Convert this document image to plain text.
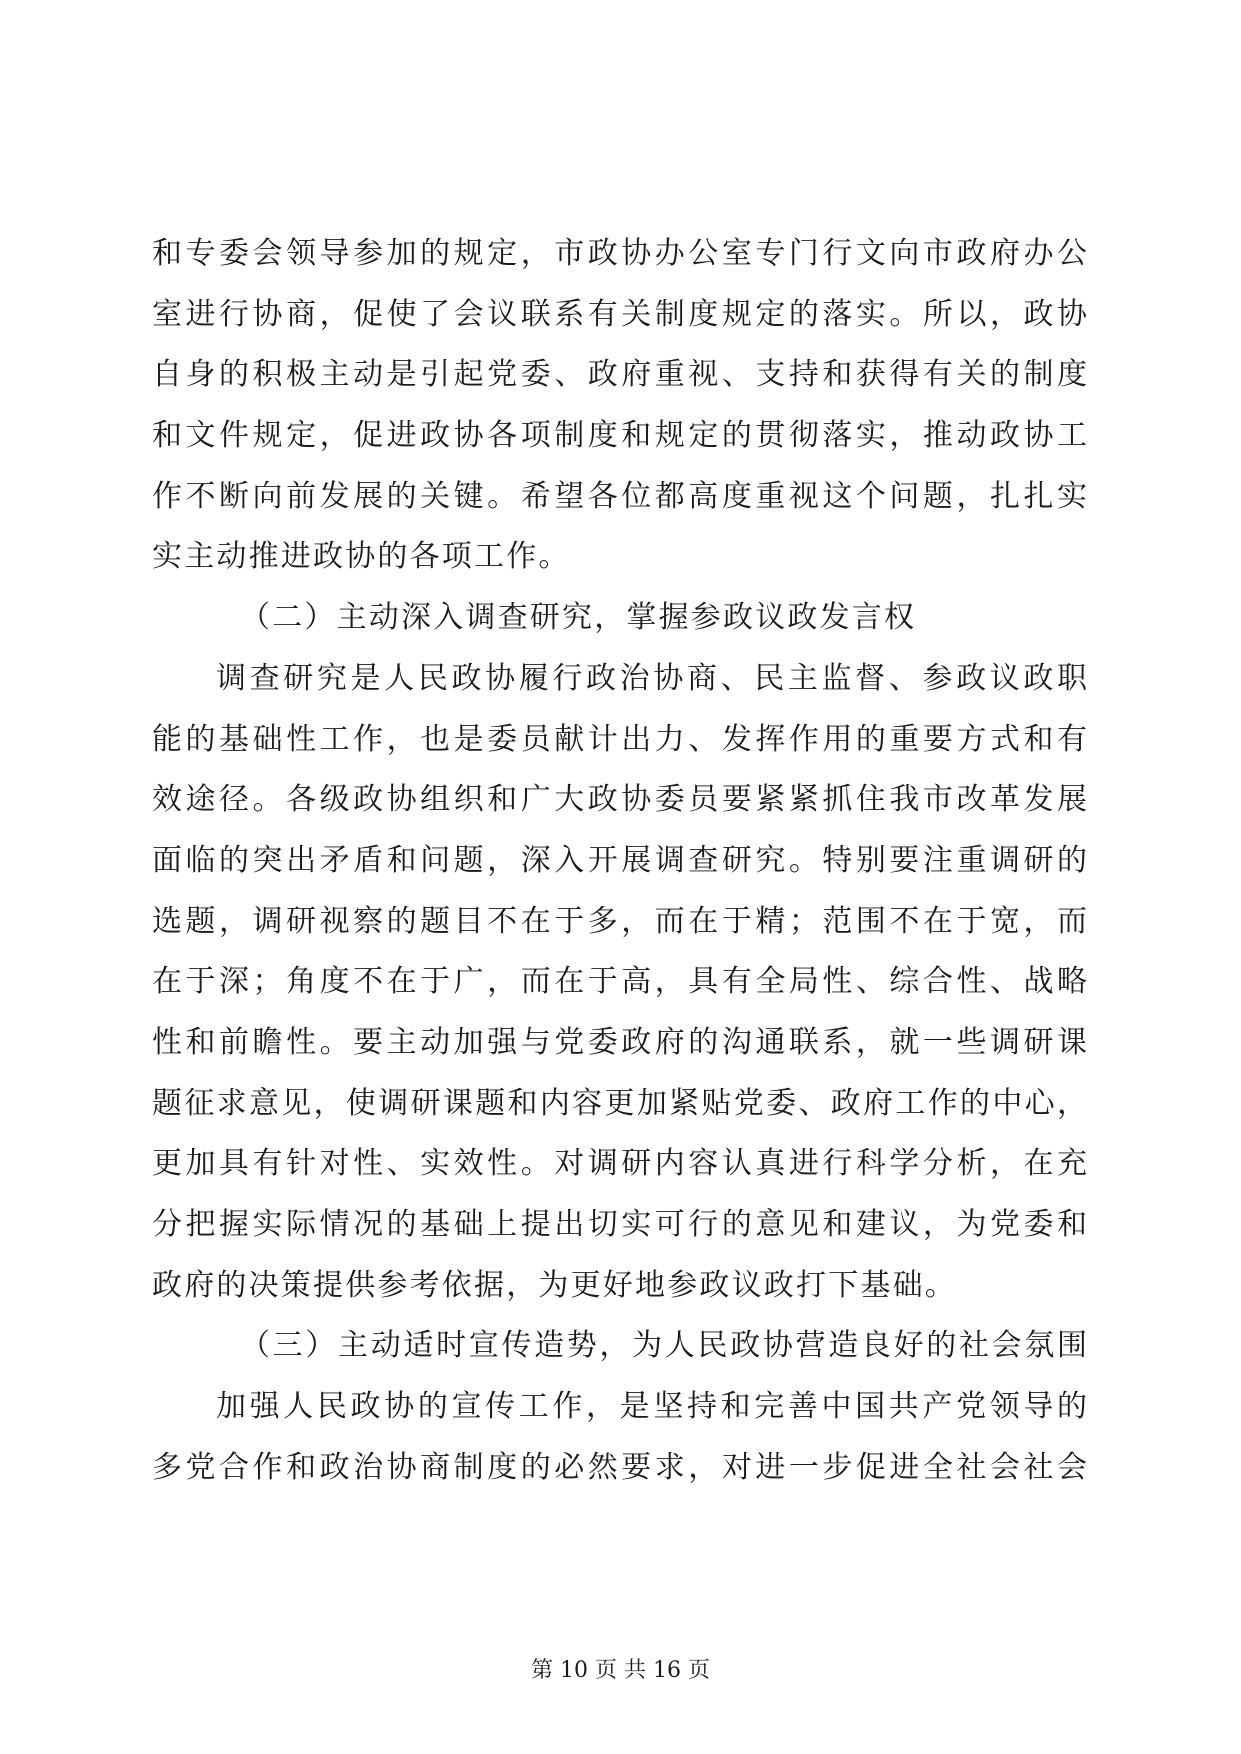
和专委会领导参加的规定，市政协办公室专门行文向市政府办公
室进行协商，促使了会议联系有关制度规定的落实。所以，政协
自身的积极主动是引起党委、政府重视、支持和获得有关的制度
和文件规定，促进政协各项制度和规定的贯彻落实，推动政协工
作不断向前发展的关键。希望各位都高度重视这个问题，扎扎实
实主动推进政协的各项工作。
（二）主动深入调查研究，掌握参政议政发言权
调查研究是人民政协履行政治协商、民主监督、参政议政职
能的基础性工作，也是委员献计出力、发挥作用的重要方式和有
效途径。各级政协组织和广大政协委员要紧紧抓住我市改革发展
面临的突出矛盾和问题，深入开展调查研究。特别要注重调研的
选题，调研视察的题目不在于多，而在于精；范围不在于宽，而
在于深；角度不在于广，而在于高，具有全局性、综合性、战略
性和前瞻性。要主动加强与党委政府的沟通联系，就一些调研课
题征求意见，使调研课题和内容更加紧贴党委、政府工作的中心，
更加具有针对性、实效性。对调研内容认真进行科学分析，在充
分把握实际情况的基础上提出切实可行的意见和建议，为党委和
政府的决策提供参考依据，为更好地参政议政打下基础。
（三）主动适时宣传造势，为人民政协营造良好的社会氛围
加强人民政协的宣传工作，是坚持和完善中国共产党领导的
多党合作和政治协商制度的必然要求，对进一步促进全社会社会
第 10 页 共 16 页
